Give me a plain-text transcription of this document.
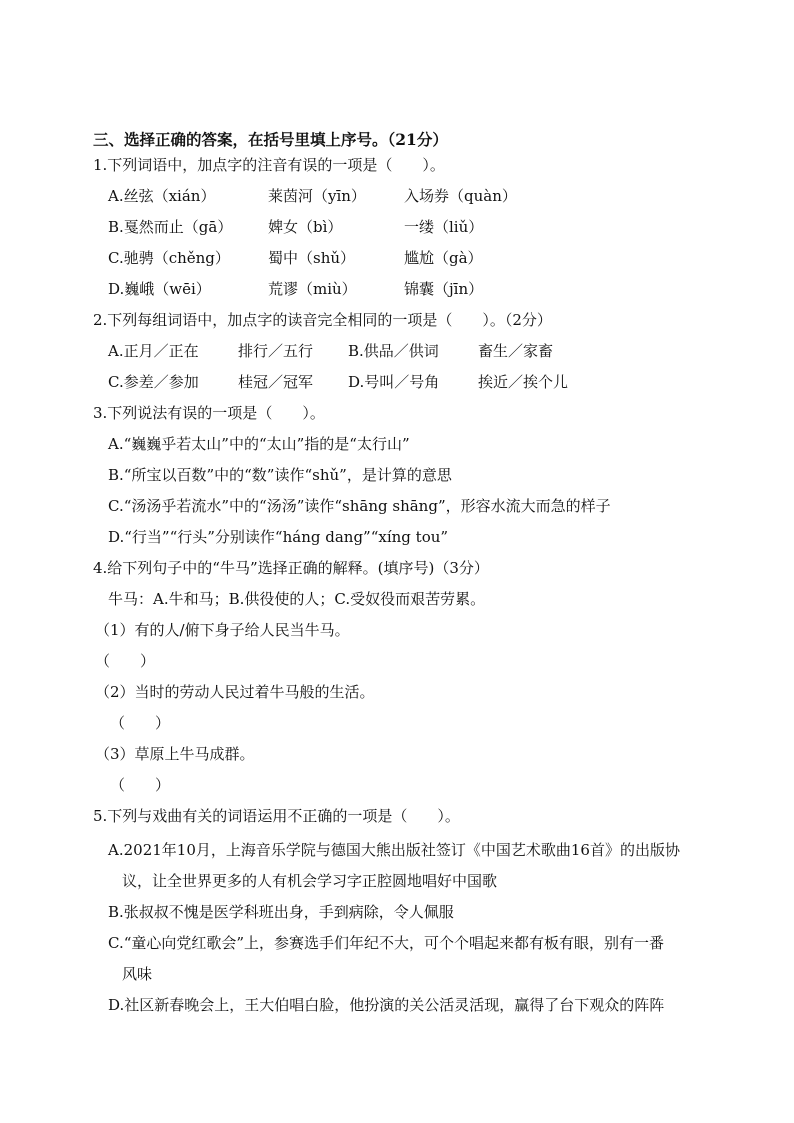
三、选择正确的答案，在括号里填上序号。（21分）
1.下列词语中，加点字的注音有误的一项是（　　）。
A.丝弦（xián）	莱茵河（yīn）	入场券（quàn）
B.戛然而止（gā） 婢女（bì）	一缕（liǔ）
C.驰骋（chěng）	蜀中（shǔ）	尴尬（gà）
D.巍峨（wēi）	荒谬（miù）	锦囊（jīn）
2.下列每组词语中，加点字的读音完全相同的一项是（　　）。（2分）
A.正月／正在	排行／五行 B.供品／供词	畜生／家畜
C.参差／参加	桂冠／冠军 D.号叫／号角	挨近／挨个儿
3.下列说法有误的一项是（　　）。
A.“巍巍乎若太山”中的“太山”指的是“太行山”
B.“所宝以百数”中的“数”读作“shǔ”，是计算的意思
C.“汤汤乎若流水”中的“汤汤”读作“shāng shāng”，形容水流大而急的样子
D.“行当”“行头”分别读作“háng dang”“xíng tou”
4.给下列句子中的“牛马”选择正确的解释。(填序号)（3分）
牛马：A.牛和马；B.供役使的人；C.受奴役而艰苦劳累。
（1）有的人/俯下身子给人民当牛马。
（　　）
（2）当时的劳动人民过着牛马般的生活。
（　　）
（3）草原上牛马成群。
（　　）
5.下列与戏曲有关的词语运用不正确的一项是（　　）。
A.2021年10月，上海音乐学院与德国大熊出版社签订《中国艺术歌曲16首》的出版协
议，让全世界更多的人有机会学习字正腔圆地唱好中国歌
B.张叔叔不愧是医学科班出身，手到病除，令人佩服
C.“童心向党红歌会”上，参赛选手们年纪不大，可个个唱起来都有板有眼，别有一番
风味
D.社区新春晚会上，王大伯唱白脸，他扮演的关公活灵活现，赢得了台下观众的阵阵
